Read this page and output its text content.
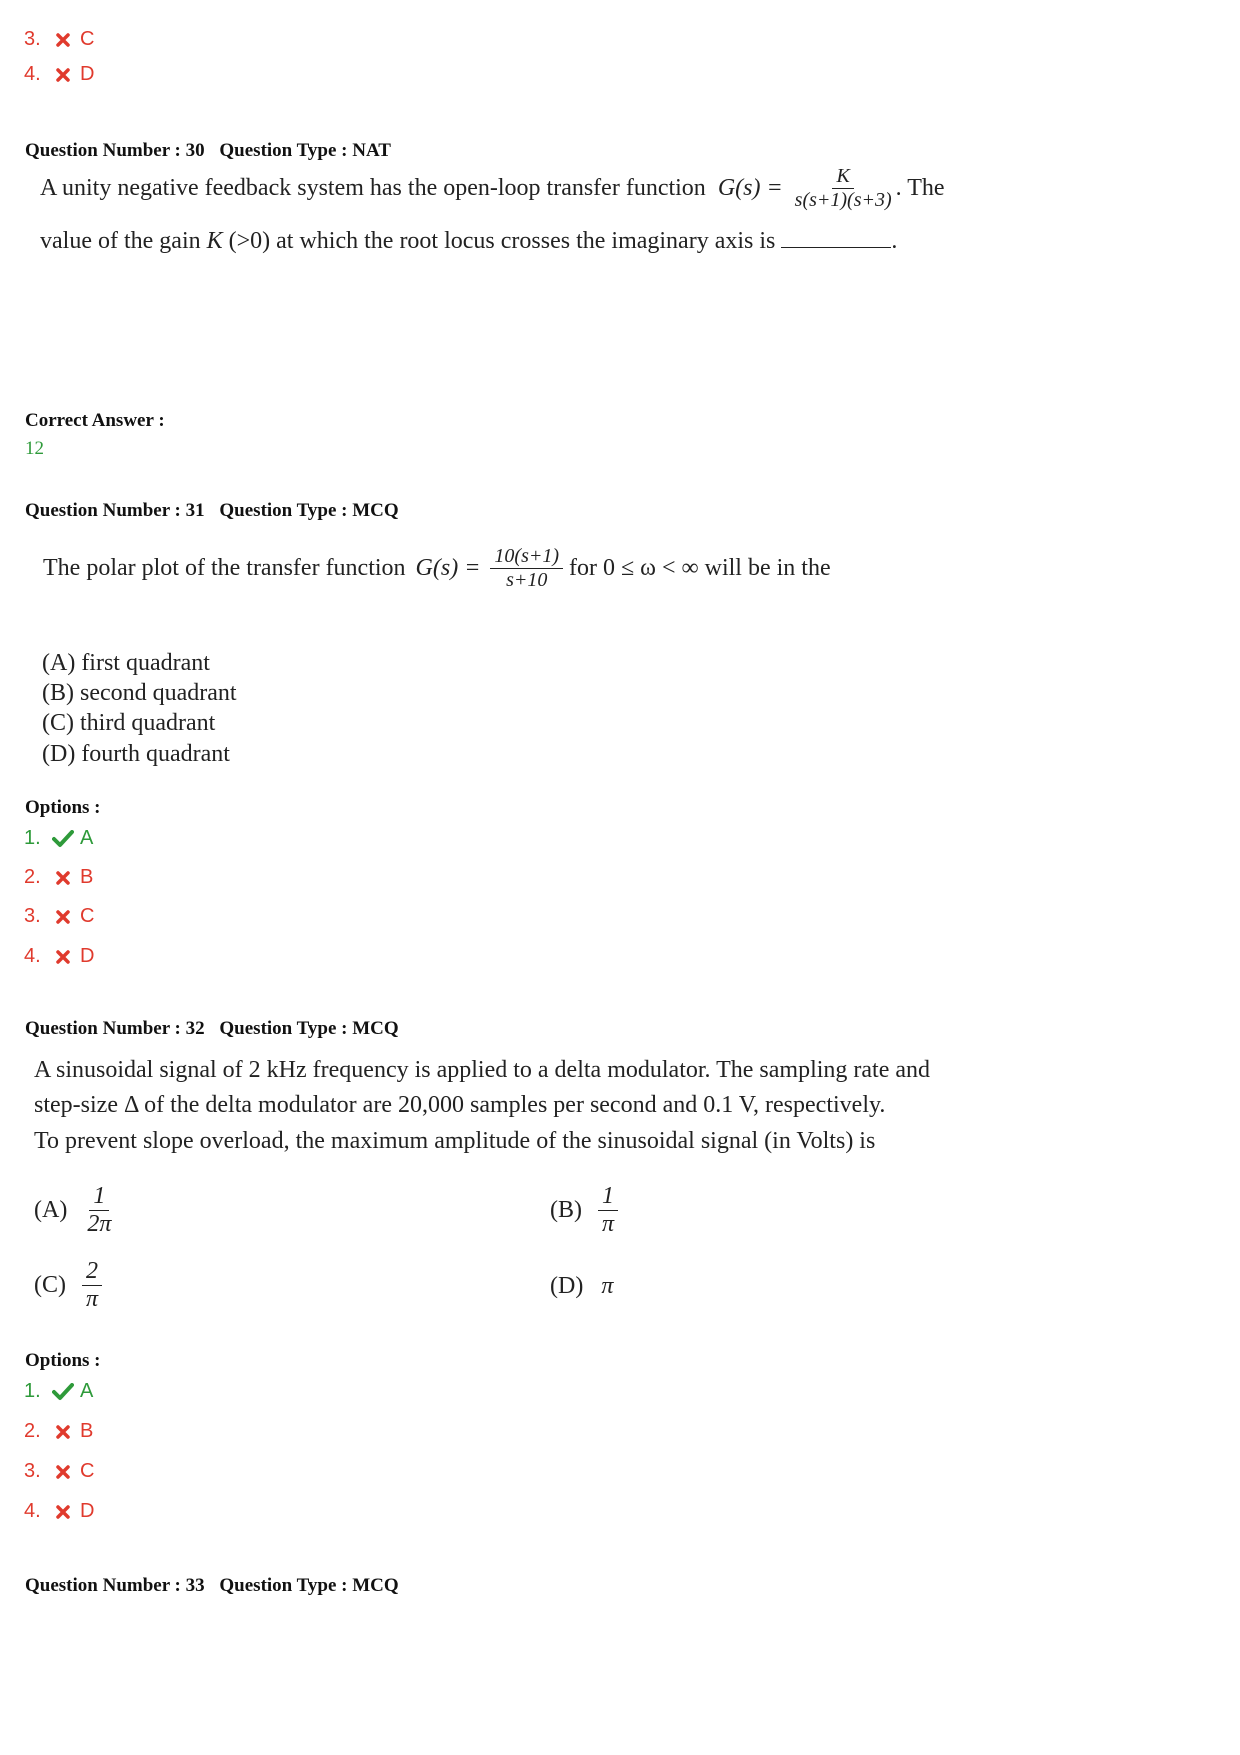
3.	C
4.	D
Question Number : 30 Question Type : NAT
A unity negative feedback system has the open-loop transfer function $G(s) = \frac{K}{s(s+1)(s+3)}$ . The
value of the gain K (>0) at which the root locus crosses the imaginary axis is	.
Correct Answer :
12
Question Number : 31 Question Type : MCQ
The polar plot of the transfer function $G(s) = \frac{10(s+1)}{s+10}$ for 0 ≤ ω < ∞ will be in the
(A) first quadrant
(B) second quadrant
(C) third quadrant
(D) fourth quadrant
Options :
1.	A
2.	B
3.	C
4.	D
Question Number : 32 Question Type : MCQ
A sinusoidal signal of 2 kHz frequency is applied to a delta modulator. The sampling rate and
step-size Δ of the delta modulator are 20,000 samples per second and 0.1 V, respectively.
To prevent slope overload, the maximum amplitude of the sinusoidal signal (in Volts) is
$(A) \frac{1}{2\pi}$	$(B) \frac{1}{\pi}$
$(C) \frac{2}{\pi}$	(D) π
Options :
1.	A
2.	B
3.	C
4.	D
Question Number : 33 Question Type : MCQ
